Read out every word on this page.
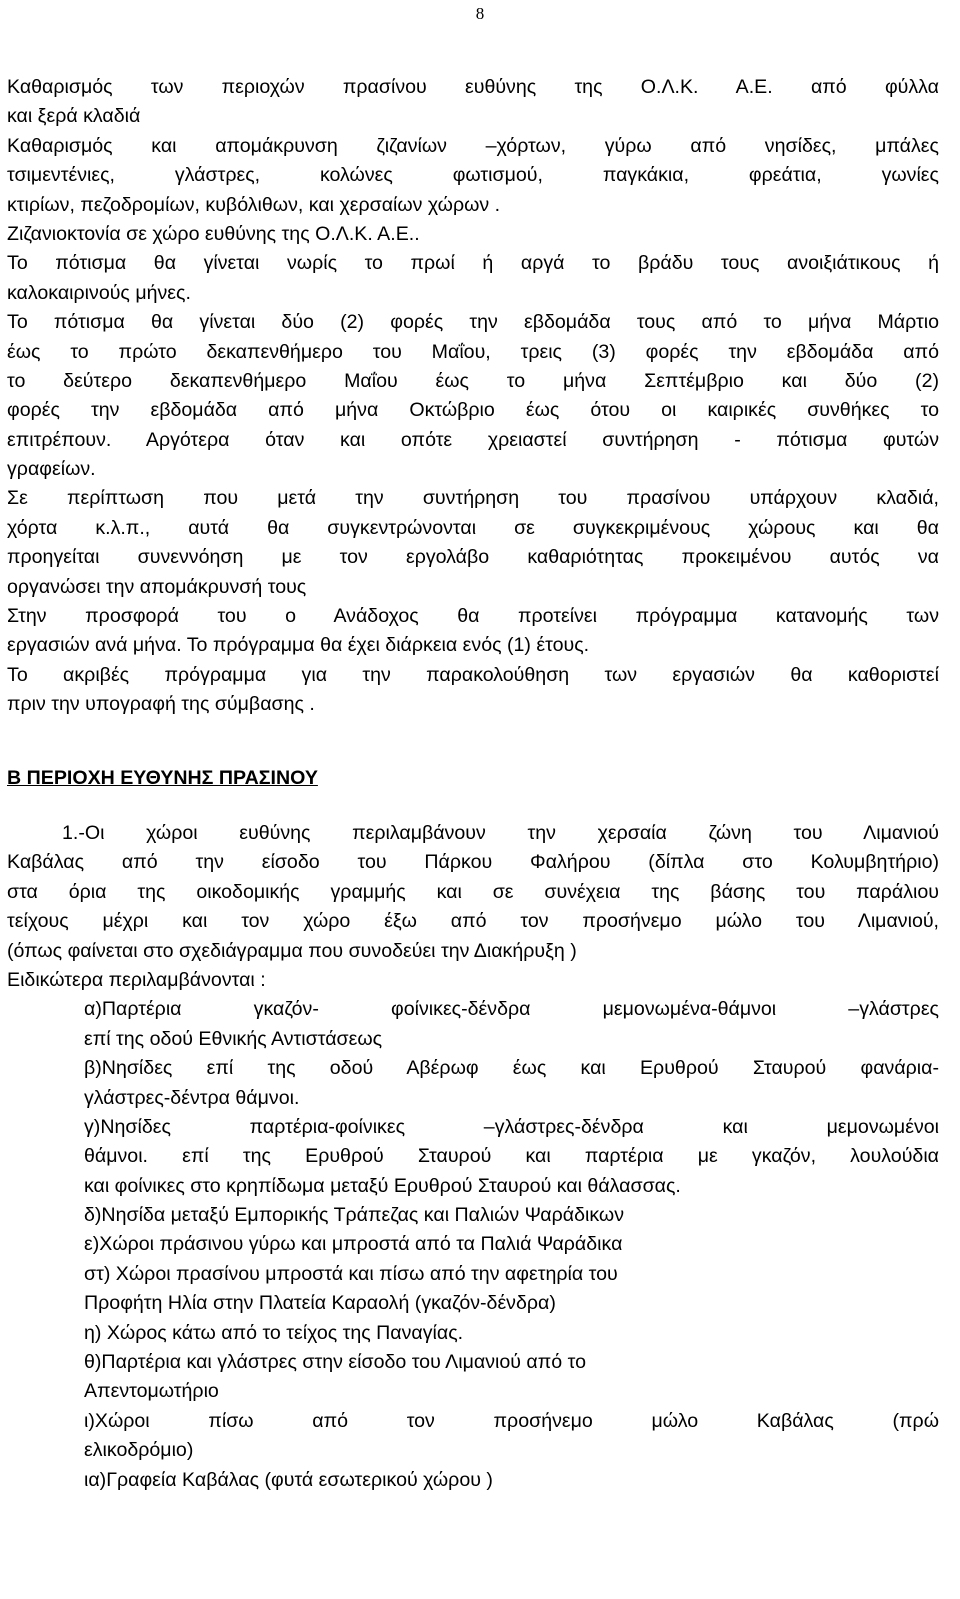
8
Καθαρισμός των περιοχών πρασίνου ευθύνης της Ο.Λ.Κ. Α.Ε. από φύλλα
και ξερά κλαδιά
Καθαρισμός και απομάκρυνση ζιζανίων –χόρτων, γύρω από νησίδες, μπάλες
τσιμεντένιες, γλάστρες, κολώνες φωτισμού, παγκάκια, φρεάτια, γωνίες
κτιρίων, πεζοδρομίων, κυβόλιθων, και χερσαίων χώρων .
Ζιζανιοκτονία σε χώρο ευθύνης της Ο.Λ.Κ. Α.Ε..
Το πότισμα θα γίνεται νωρίς το πρωί ή αργά το βράδυ τους ανοιξιάτικους ή
καλοκαιρινούς μήνες.
Το πότισμα θα γίνεται δύο (2) φορές την εβδομάδα τους από το μήνα Μάρτιο
έως το πρώτο δεκαπενθήμερο του Μαΐου, τρεις (3) φορές την εβδομάδα από
το δεύτερο δεκαπενθήμερο Μαΐου έως το μήνα Σεπτέμβριο και δύο (2)
φορές την εβδομάδα από μήνα Οκτώβριο έως ότου οι καιρικές συνθήκες το
επιτρέπουν. Αργότερα όταν και οπότε χρειαστεί συντήρηση - πότισμα φυτών
γραφείων.
Σε περίπτωση που μετά την συντήρηση του πρασίνου υπάρχουν κλαδιά,
χόρτα κ.λ.π., αυτά θα συγκεντρώνονται σε συγκεκριμένους χώρους και θα
προηγείται συνεννόηση με τον εργολάβο καθαριότητας προκειμένου αυτός να
οργανώσει την απομάκρυνσή τους
Στην προσφορά του ο Ανάδοχος θα προτείνει πρόγραμμα κατανομής των
εργασιών ανά μήνα. Το πρόγραμμα θα έχει διάρκεια ενός (1) έτους.
Το ακριβές πρόγραμμα για την παρακολούθηση των εργασιών θα καθοριστεί
πριν την υπογραφή της σύμβασης .
Β ΠΕΡΙΟΧΗ ΕΥΘΥΝΗΣ ΠΡΑΣΙΝΟΥ
1.-Οι χώροι ευθύνης περιλαμβάνουν την χερσαία ζώνη του Λιμανιού
Καβάλας από την είσοδο του Πάρκου Φαλήρου (δίπλα στο Κολυμβητήριο)
στα όρια της οικοδομικής γραμμής και σε συνέχεια της βάσης του παράλιου
τείχους μέχρι και τον χώρο έξω από τον προσήνεμο μώλο του Λιμανιού,
(όπως φαίνεται στο σχεδιάγραμμα που συνοδεύει την Διακήρυξη )
Ειδικώτερα περιλαμβάνονται :
α)Παρτέρια γκαζόν- φοίνικες-δένδρα μεμονωμένα-θάμνοι –γλάστρες
επί της οδού Εθνικής Αντιστάσεως
β)Νησίδες επί της οδού Αβέρωφ έως και Ερυθρού Σταυρού φανάρια-
γλάστρες-δέντρα θάμνοι.
γ)Νησίδες παρτέρια-φοίνικες –γλάστρες-δένδρα και μεμονωμένοι
θάμνοι. επί της Ερυθρού Σταυρού και παρτέρια με γκαζόν, λουλούδια
και φοίνικες στο κρηπίδωμα μεταξύ Ερυθρού Σταυρού και θάλασσας.
δ)Νησίδα μεταξύ Εμπορικής Τράπεζας και Παλιών Ψαράδικων
ε)Χώροι πράσινου γύρω και μπροστά από τα Παλιά Ψαράδικα
στ) Χώροι πρασίνου μπροστά και πίσω από την αφετηρία του
Προφήτη Ηλία στην Πλατεία Καραολή (γκαζόν-δένδρα)
η) Χώρος κάτω από το τείχος της Παναγίας.
θ)Παρτέρια και γλάστρες στην είσοδο του Λιμανιού από το
Απεντομωτήριο
ι)Χώροι πίσω από τον προσήνεμο μώλο Καβάλας (πρώ
ελικοδρόμιο)
ια)Γραφεία Καβάλας (φυτά εσωτερικού χώρου )
